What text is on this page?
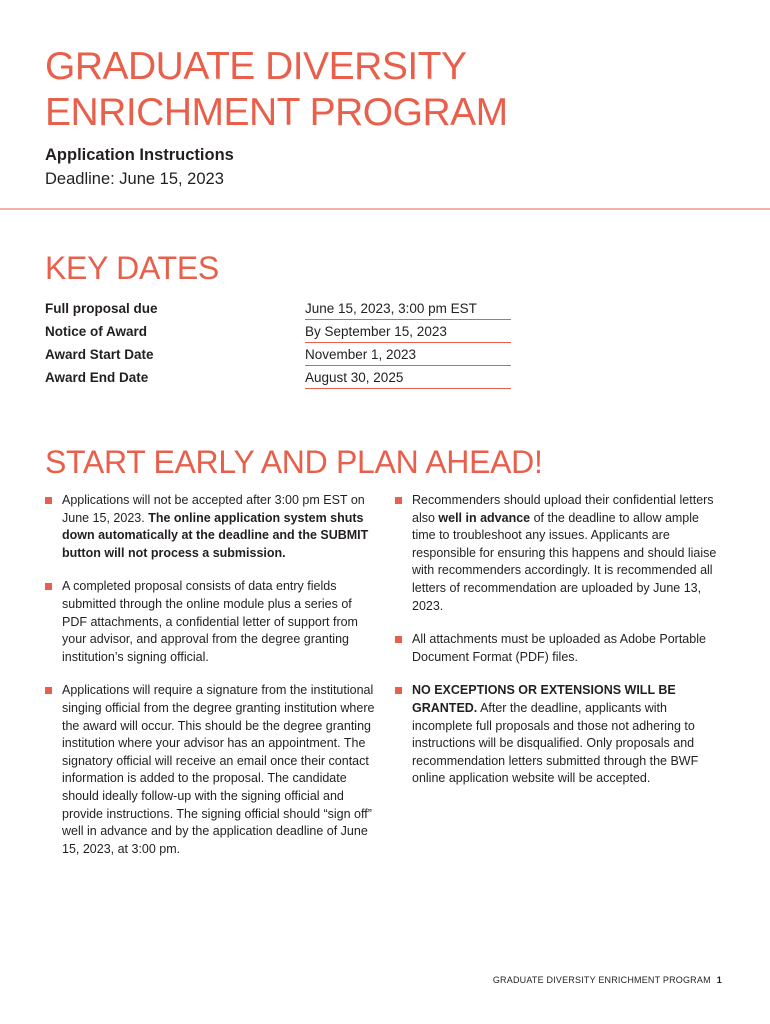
GRADUATE DIVERSITY
ENRICHMENT PROGRAM

Application Instructions

Deadline: June 15, 2023

KEY DATES
Full proposal due	June 15, 2023, 3:00 pm EST
Notice of Award	By September 15, 2023
Award Start Date	November 1, 2023
Award End Date	August 30, 2025
START EARLY AND PLAN AHEAD!

Applications will not be accepted after 3:00 pm EST on June 15, 2023. The online application system shuts down automatically at the deadline and the SUBMIT button will not process a submission.

A completed proposal consists of data entry fields submitted through the online module plus a series of PDF attachments, a confidential letter of support from your advisor, and approval from the degree granting institution’s signing official.

Applications will require a signature from the institutional singing official from the degree granting institution where the award will occur. This should be the degree granting institution where your advisor has an appointment. The signatory official will receive an email once their contact information is added to the proposal. The candidate should ideally follow-up with the signing official and provide instructions. The signing official should “sign off” well in advance and by the application deadline of June 15, 2023, at 3:00 pm.

Recommenders should upload their confidential letters also well in advance of the deadline to allow ample time to troubleshoot any issues. Applicants are responsible for ensuring this happens and should liaise with recommenders accordingly. It is recommended all letters of recommendation are uploaded by June 13, 2023.

All attachments must be uploaded as Adobe Portable Document Format (PDF) files.

NO EXCEPTIONS OR EXTENSIONS WILL BE GRANTED. After the deadline, applicants with incomplete full proposals and those not adhering to instructions will be disqualified. Only proposals and recommendation letters submitted through the BWF online application website will be accepted.

GRADUATE DIVERSITY ENRICHMENT PROGRAM 1
